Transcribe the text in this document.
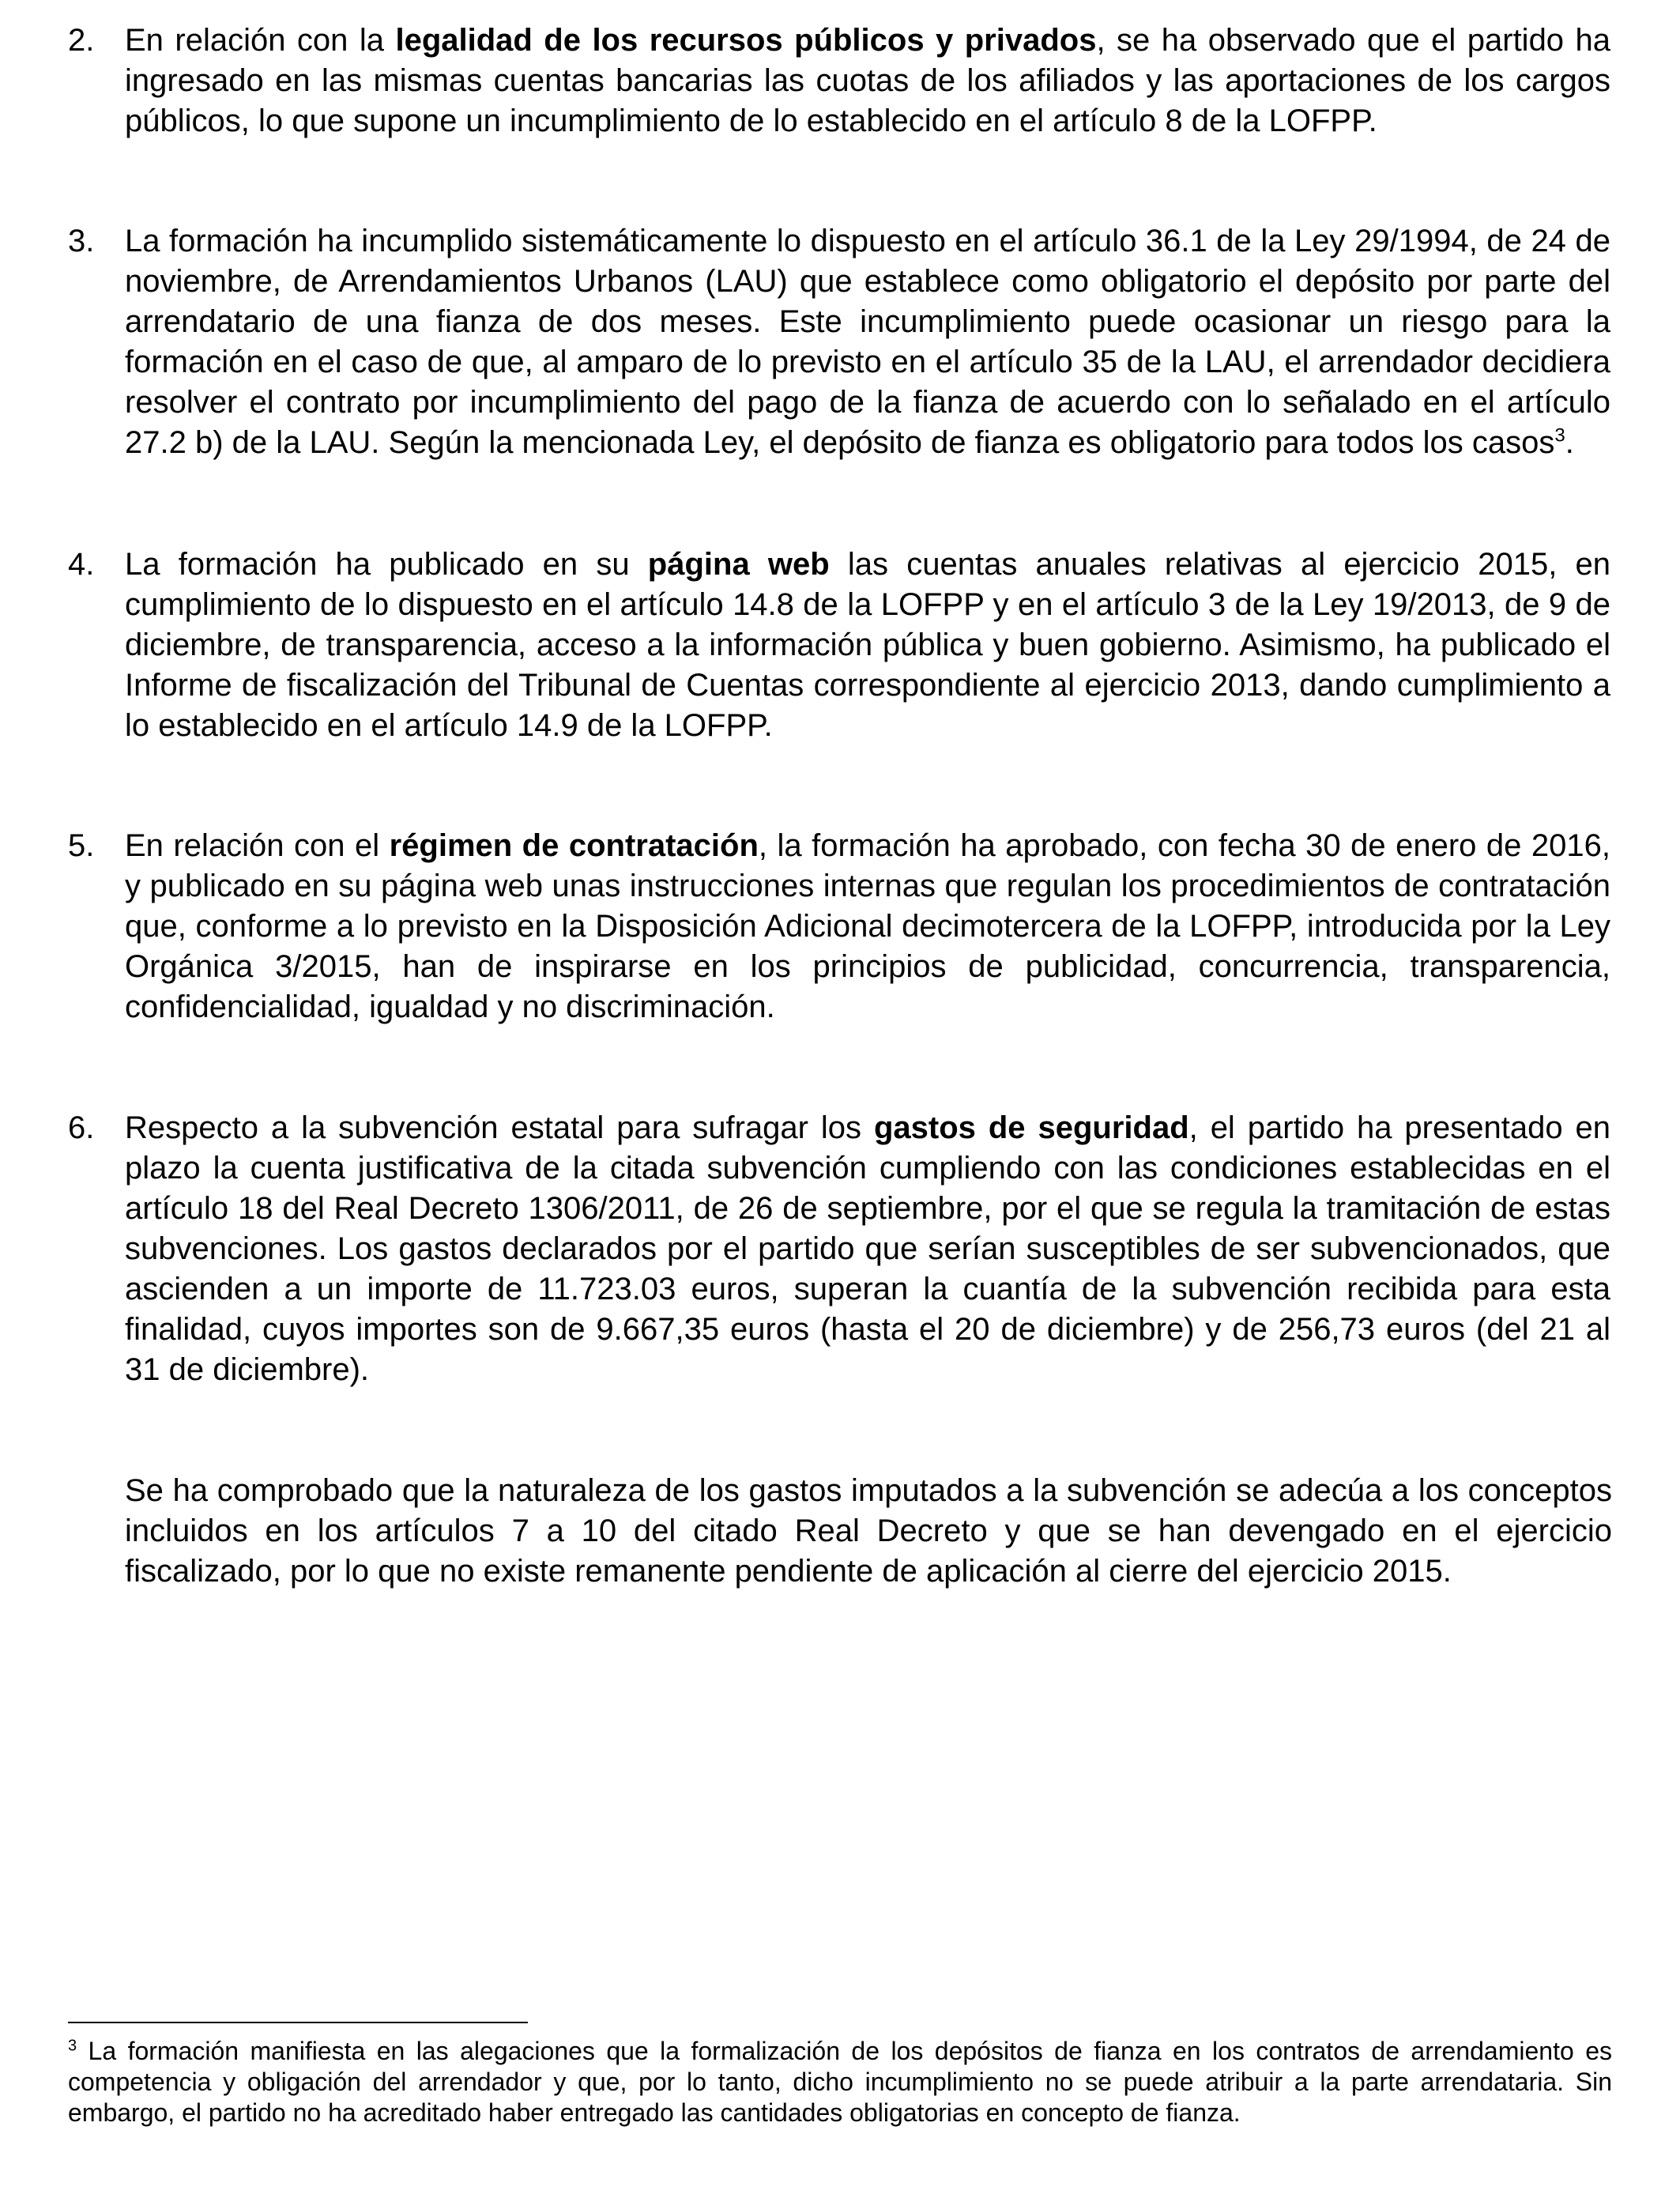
2. En relación con la legalidad de los recursos públicos y privados, se ha observado que el partido ha ingresado en las mismas cuentas bancarias las cuotas de los afiliados y las aportaciones de los cargos públicos, lo que supone un incumplimiento de lo establecido en el artículo 8 de la LOFPP.

3. La formación ha incumplido sistemáticamente lo dispuesto en el artículo 36.1 de la Ley 29/1994, de 24 de noviembre, de Arrendamientos Urbanos (LAU) que establece como obligatorio el depósito por parte del arrendatario de una fianza de dos meses. Este incumplimiento puede ocasionar un riesgo para la formación en el caso de que, al amparo de lo previsto en el artículo 35 de la LAU, el arrendador decidiera resolver el contrato por incumplimiento del pago de la fianza de acuerdo con lo señalado en el artículo 27.2 b) de la LAU. Según la mencionada Ley, el depósito de fianza es obligatorio para todos los casos$^3$.

4. La formación ha publicado en su página web las cuentas anuales relativas al ejercicio 2015, en cumplimiento de lo dispuesto en el artículo 14.8 de la LOFPP y en el artículo 3 de la Ley 19/2013, de 9 de diciembre, de transparencia, acceso a la información pública y buen gobierno. Asimismo, ha publicado el Informe de fiscalización del Tribunal de Cuentas correspondiente al ejercicio 2013, dando cumplimiento a lo establecido en el artículo 14.9 de la LOFPP.

5. En relación con el régimen de contratación, la formación ha aprobado, con fecha 30 de enero de 2016, y publicado en su página web unas instrucciones internas que regulan los procedimientos de contratación que, conforme a lo previsto en la Disposición Adicional decimotercera de la LOFPP, introducida por la Ley Orgánica 3/2015, han de inspirarse en los principios de publicidad, concurrencia, transparencia, confidencialidad, igualdad y no discriminación.

6. Respecto a la subvención estatal para sufragar los gastos de seguridad, el partido ha presentado en plazo la cuenta justificativa de la citada subvención cumpliendo con las condiciones establecidas en el artículo 18 del Real Decreto 1306/2011, de 26 de septiembre, por el que se regula la tramitación de estas subvenciones. Los gastos declarados por el partido que serían susceptibles de ser subvencionados, que ascienden a un importe de 11.723.03 euros, superan la cuantía de la subvención recibida para esta finalidad, cuyos importes son de 9.667,35 euros (hasta el 20 de diciembre) y de 256,73 euros (del 21 al 31 de diciembre).

Se ha comprobado que la naturaleza de los gastos imputados a la subvención se adecúa a los conceptos incluidos en los artículos 7 a 10 del citado Real Decreto y que se han devengado en el ejercicio fiscalizado, por lo que no existe remanente pendiente de aplicación al cierre del ejercicio 2015.

$^3$ La formación manifiesta en las alegaciones que la formalización de los depósitos de fianza en los contratos de arrendamiento es competencia y obligación del arrendador y que, por lo tanto, dicho incumplimiento no se puede atribuir a la parte arrendataria. Sin embargo, el partido no ha acreditado haber entregado las cantidades obligatorias en concepto de fianza.
